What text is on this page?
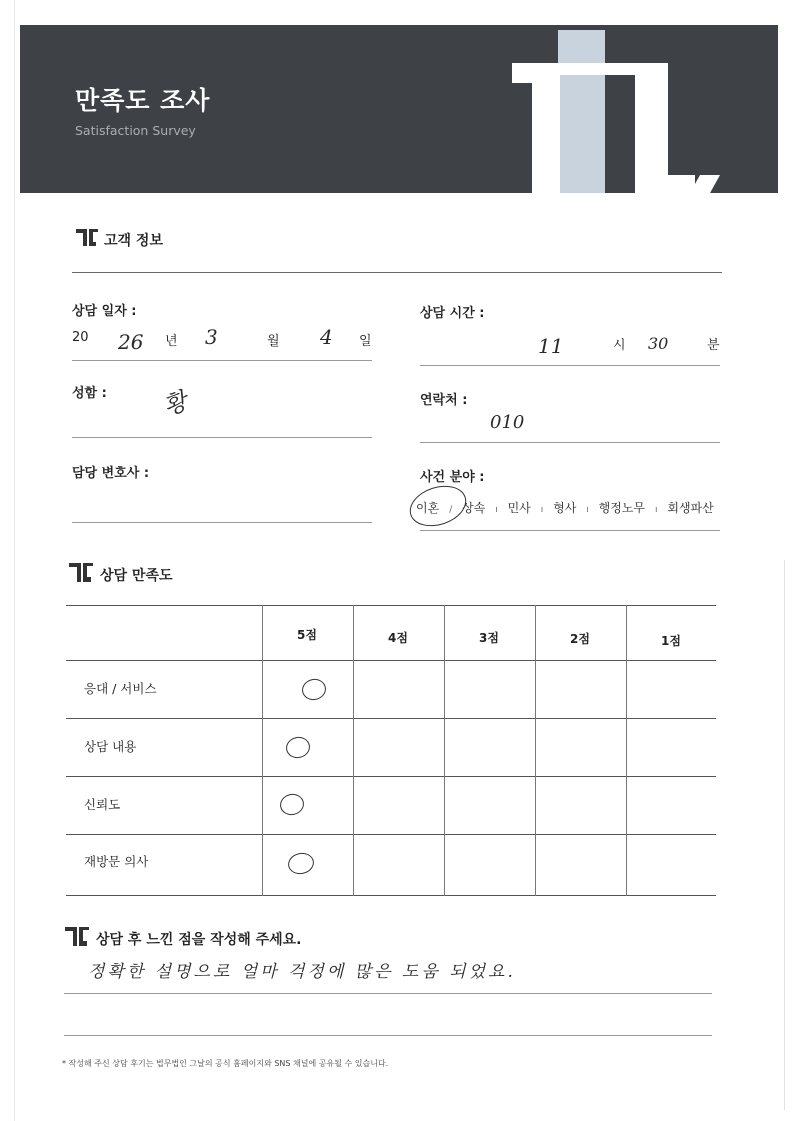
만족도 조사
Satisfaction Survey
고객 정보
상담 일자 :
20 26 년 3	월 4 일
상담 시간 :
11	시 30	분
성함 : 황	연락처 :
010
담당 변호사 :	사건 분야 :
이혼 / 상속 ı 민사 ı 형사 ı 행정노무 ı 회생파산
상담 만족도
5점	4점	3점	2점	1점
응대 / 서비스
상담 내용
신뢰도
재방문 의사
상담 후 느낀 점을 작성해 주세요.
정확한 설명으로 얼마 걱정에 많은 도움 되었요.
* 작성해 주신 상담 후기는 법무법인 그날의 공식 홈페이지와 SNS 채널에 공유될 수 있습니다.
